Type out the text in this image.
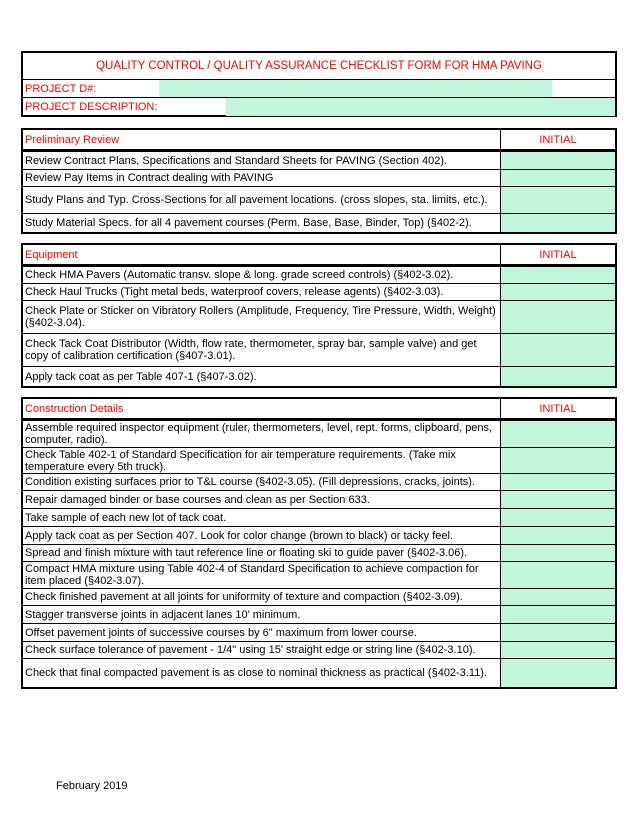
QUALITY CONTROL / QUALITY ASSURANCE CHECKLIST FORM FOR HMA PAVING
PROJECT D#:
PROJECT DESCRIPTION:
Preliminary Review	INITIAL
Review Contract Plans, Specifications and Standard Sheets for PAVING (Section 402).
Review Pay Items in Contract dealing with PAVING
Study Plans and Typ. Cross-Sections for all pavement locations. (cross slopes, sta. limits, etc.).
Study Material Specs. for all 4 pavement courses (Perm. Base, Base, Binder, Top) (§402-2).
Equipment	INITIAL
Check HMA Pavers (Automatic transv. slope & long. grade screed controls) (§402-3.02).
Check Haul Trucks (Tight metal beds, waterproof covers, release agents) (§402-3.03).
Check Plate or Sticker on Vibratory Rollers (Amplitude, Frequency, Tire Pressure, Width, Weight) (§402-3.04).
Check Tack Coat Distributor (Width, flow rate, thermometer, spray bar, sample valve) and get copy of calibration certification (§407-3.01).
Apply tack coat as per Table 407-1 (§407-3.02).
Construction Details	INITIAL
Assemble required inspector equipment (ruler, thermometers, level, rept. forms, clipboard, pens, computer, radio).
Check Table 402-1 of Standard Specification for air temperature requirements. (Take mix temperature every 5th truck).
Condition existing surfaces prior to T&L course (§402-3.05). (Fill depressions, cracks, joints).
Repair damaged binder or base courses and clean as per Section 633.
Take sample of each new lot of tack coat.
Apply tack coat as per Section 407. Look for color change (brown to black) or tacky feel.
Spread and finish mixture with taut reference line or floating ski to guide paver (§402-3.06).
Compact HMA mixture using Table 402-4 of Standard Specification to achieve compaction for item placed (§402-3.07).
Check finished pavement at all joints for uniformity of texture and compaction (§402-3.09).
Stagger transverse joints in adjacent lanes 10' minimum.
Offset pavement joints of successive courses by 6" maximum from lower course.
Check surface tolerance of pavement - 1/4" using 15' straight edge or string line (§402-3.10).
Check that final compacted pavement is as close to nominal thickness as practical (§402-3.11).
February 2019
